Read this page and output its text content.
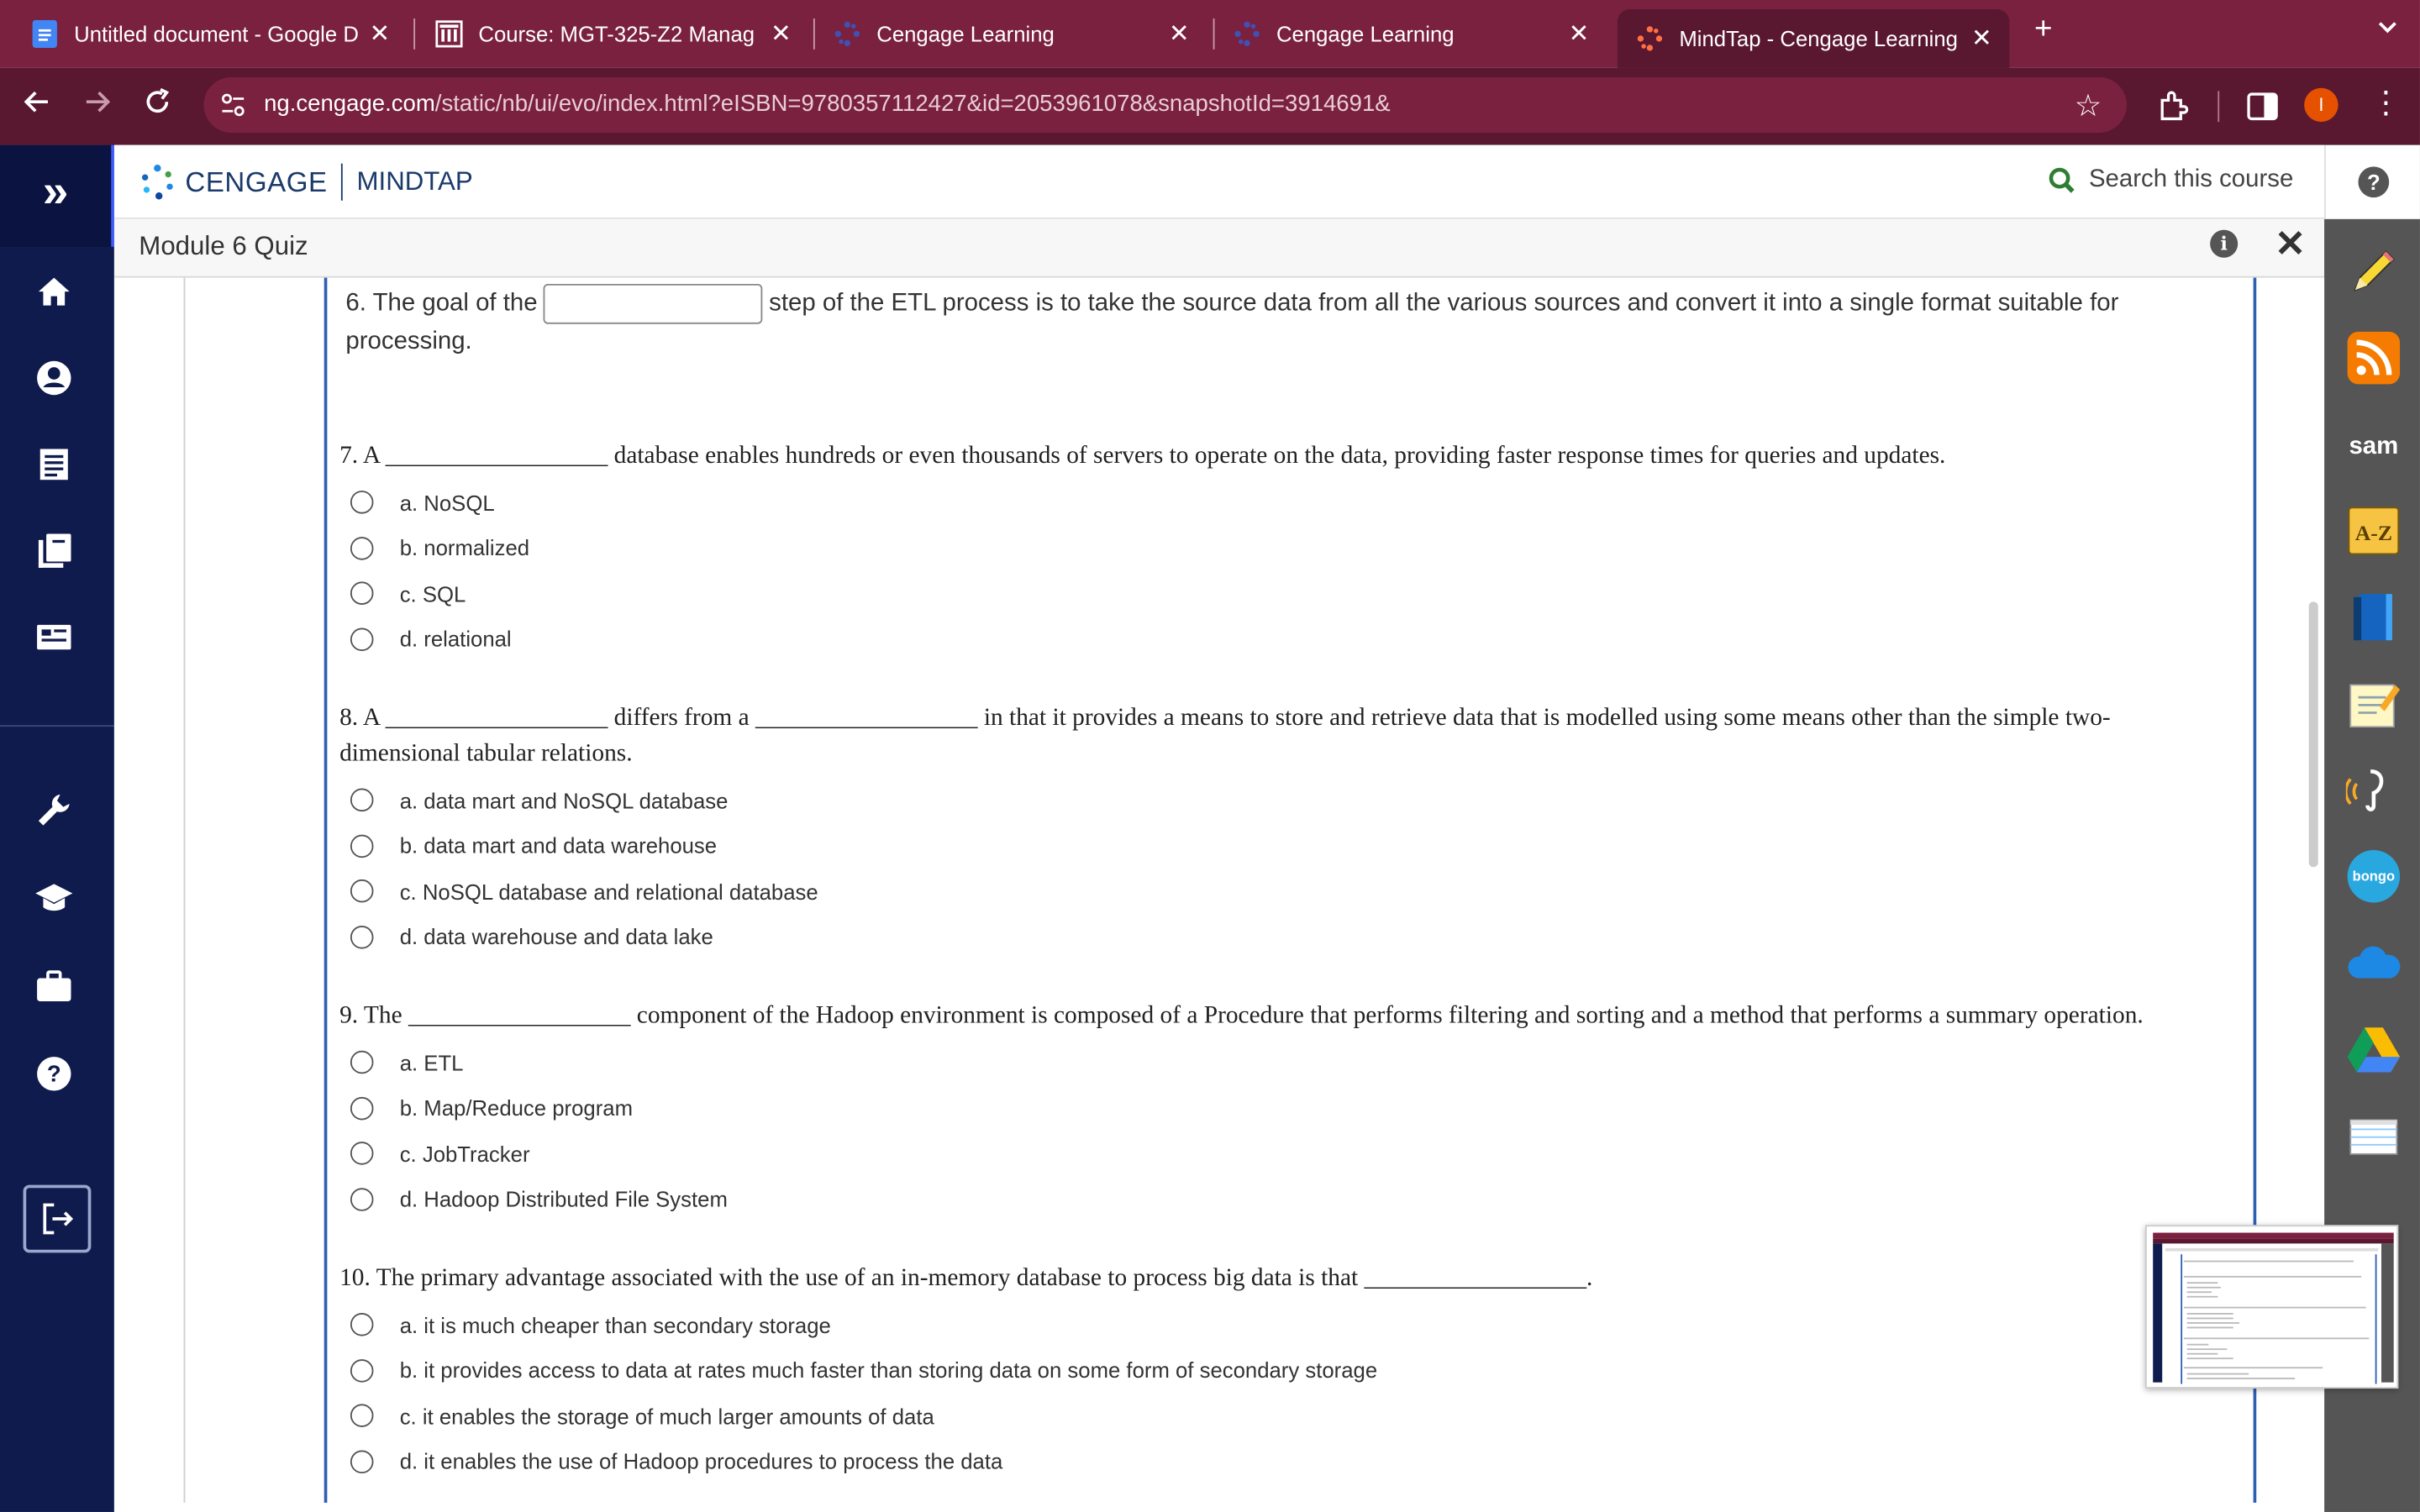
Untitled document - Google D ✕	Course: MGT-325-Z2 Manag	✕	Cengage Learning	✕	Cengage Learning	✕	MindTap - Cengage Learning	✕	+
ng.cengage.com/static/nb/ui/evo/index.html?eISBN=9780357112427&id=2053961078&snapshotId=3914691&	☆	I	⋮
»
?
CENGAGE MINDTAP	Search this course
Module 6 Quiz	i	✕
?
sam
A-Z
bongo
6. The goal of the	step of the ETL process is to take the source data from all the various sources and convert it into a single format suitable for processing.
7. A __________________ database enables hundreds or even thousands of servers to operate on the data, providing faster response times for queries and updates.
a. NoSQL
b. normalized
c. SQL
d. relational
8. A __________________ differs from a __________________ in that it provides a means to store and retrieve data that is modelled using some means other than the simple two-dimensional tabular relations.
a. data mart and NoSQL database
b. data mart and data warehouse
c. NoSQL database and relational database
d. data warehouse and data lake
9. The __________________ component of the Hadoop environment is composed of a Procedure that performs filtering and sorting and a method that performs a summary operation.
a. ETL
b. Map/Reduce program
c. JobTracker
d. Hadoop Distributed File System
10. The primary advantage associated with the use of an in-memory database to process big data is that __________________.
a. it is much cheaper than secondary storage
b. it provides access to data at rates much faster than storing data on some form of secondary storage
c. it enables the storage of much larger amounts of data
d. it enables the use of Hadoop procedures to process the data
